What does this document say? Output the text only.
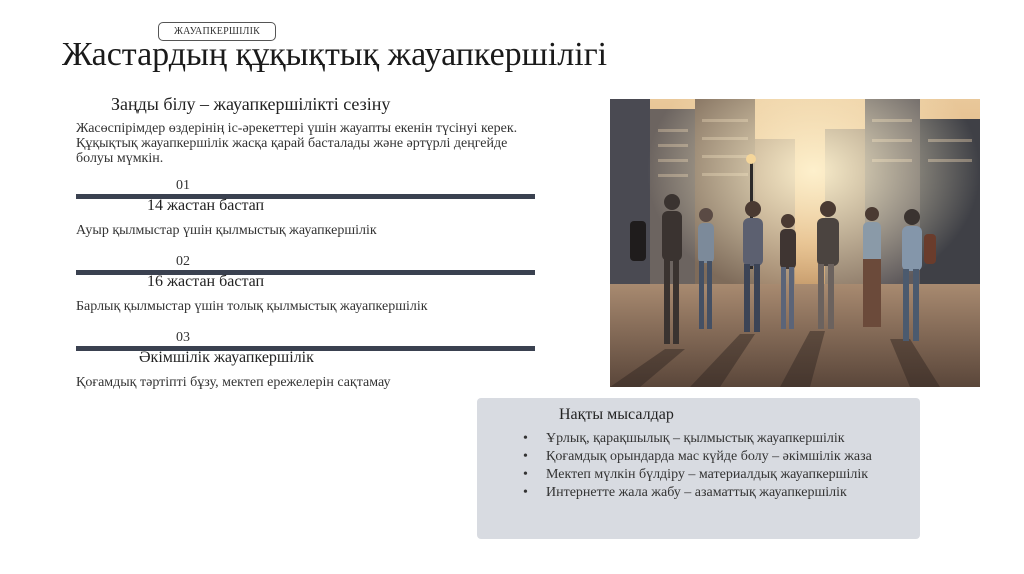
ЖАУАПКЕРШІЛІК
Жастардың құқықтық жауапкершілігі
Заңды білу – жауапкершілікті сезіну
Жасөспірімдер өздерінің іс-әрекеттері үшін жауапты екенін түсінуі керек. Құқықтық жауапкершілік жасқа қарай басталады және әртүрлі деңгейде болуы мүмкін.
01
14 жастан бастап
Ауыр қылмыстар үшін қылмыстық жауапкершілік
02
16 жастан бастап
Барлық қылмыстар үшін толық қылмыстық жауапкершілік
03
Әкімшілік жауапкершілік
Қоғамдық тәртіпті бұзу, мектеп ережелерін сақтамау
Нақты мысалдар
• Ұрлық, қарақшылық – қылмыстық жауапкершілік
• Қоғамдық орындарда мас күйде болу – әкімшілік жаза
• Мектеп мүлкін бүлдіру – материалдық жауапкершілік
• Интернетте жала жабу – азаматтық жауапкершілік
